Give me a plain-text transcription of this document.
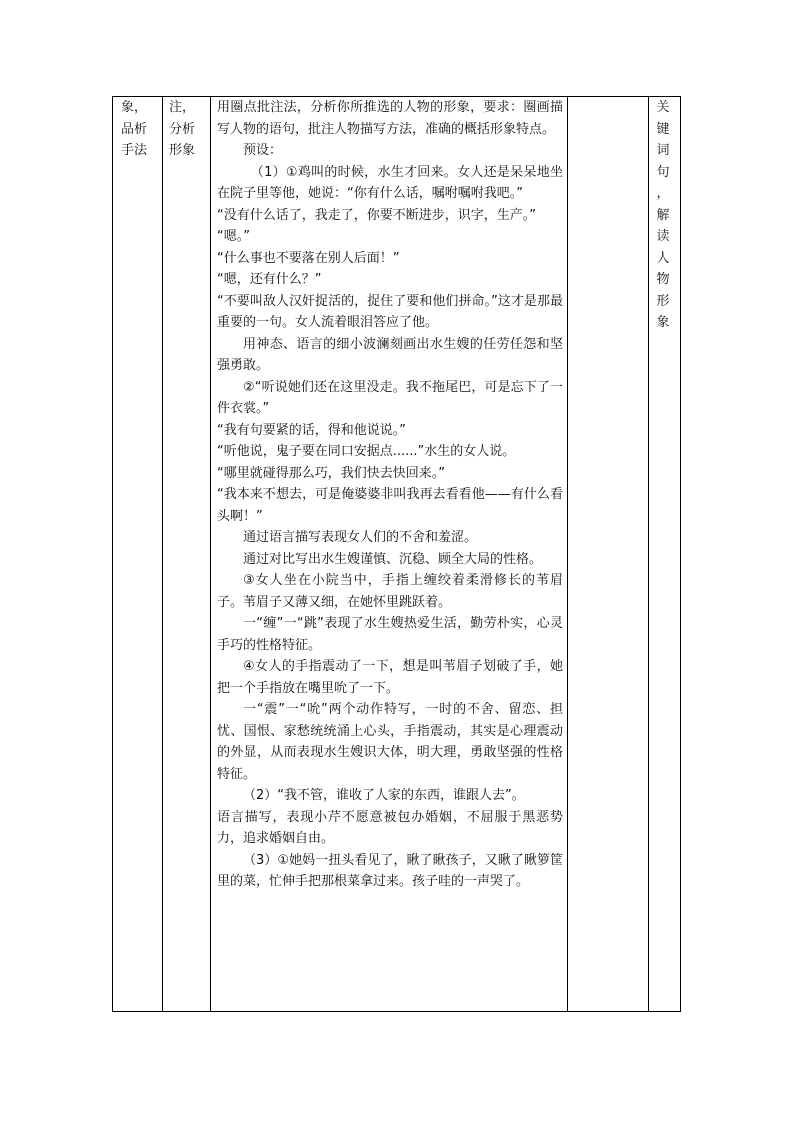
象，
品析
手法
注，
分析
形象

用圈点批注法，分析你所推选的人物的形象，要求：圈画描写人物的语句，批注人物描写方法，准确的概括形象特点。

预设：

（1）①鸡叫的时候，水生才回来。女人还是呆呆地坐在院子里等他，她说：“你有什么话，嘱咐嘱咐我吧。”

“没有什么话了，我走了，你要不断进步，识字，生产。”

“嗯。”

“什么事也不要落在别人后面！”

“嗯，还有什么？”

“不要叫敌人汉奸捉活的，捉住了要和他们拼命。”这才是那最重要的一句。女人流着眼泪答应了他。

用神态、语言的细小波澜刻画出水生嫂的任劳任怨和坚强勇敢。

②“听说她们还在这里没走。我不拖尾巴，可是忘下了一件衣裳。”

“我有句要紧的话，得和他说说。”

“听他说，鬼子要在同口安据点......”水生的女人说。

“哪里就碰得那么巧，我们快去快回来。”

“我本来不想去，可是俺婆婆非叫我再去看看他——有什么看头啊！”

通过语言描写表现女人们的不舍和羞涩。

通过对比写出水生嫂谨慎、沉稳、顾全大局的性格。

③女人坐在小院当中，手指上缠绞着柔滑修长的苇眉子。苇眉子又薄又细，在她怀里跳跃着。

一“缠”一“跳”表现了水生嫂热爱生活，勤劳朴实，心灵手巧的性格特征。

④女人的手指震动了一下，想是叫苇眉子划破了手，她把一个手指放在嘴里吮了一下。

一“震”一“吮”两个动作特写，一时的不舍、留恋、担忧、国恨、家愁统统涌上心头，手指震动，其实是心理震动的外显，从而表现水生嫂识大体，明大理，勇敢坚强的性格特征。

（2）“我不管，谁收了人家的东西，谁跟人去”。

语言描写，表现小芹不愿意被包办婚姻，不屈服于黑恶势力，追求婚姻自由。

（3）①她妈一扭头看见了，瞅了瞅孩子，又瞅了瞅箩筐里的菜，忙伸手把那根菜拿过来。孩子哇的一声哭了。

关
键
词
句
，
解
读
人
物
形
象
